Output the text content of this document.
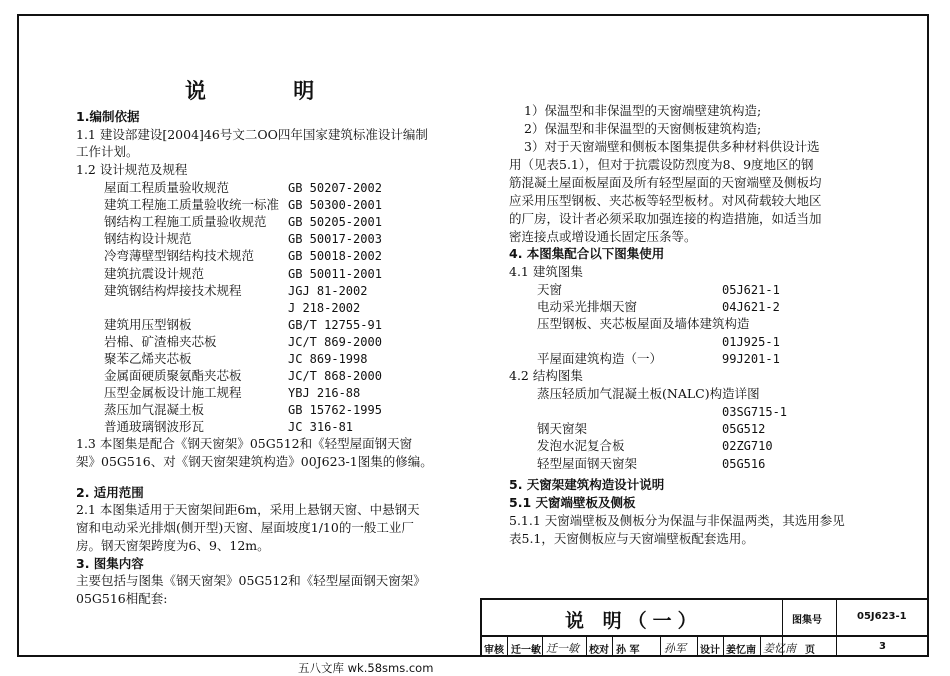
说 明
1.编制依据
1.1 建设部建设[2004]46号文二OO四年国家建筑标准设计编制
工作计划。
1.2 设计规范及规程
屋面工程质量验收规范	GB 50207-2002
建筑工程施工质量验收统一标准 GB 50300-2001
钢结构工程施工质量验收规范 GB 50205-2001
钢结构设计规范	GB 50017-2003
冷弯薄壁型钢结构技术规范	GB 50018-2002
建筑抗震设计规范	GB 50011-2001
建筑钢结构焊接技术规程	JGJ 81-2002
J 218-2002
建筑用压型钢板	GB/T 12755-91
岩棉、矿渣棉夹芯板	JC/T 869-2000
聚苯乙烯夹芯板	JC 869-1998
金属面硬质聚氨酯夹芯板	JC/T 868-2000
压型金属板设计施工规程	YBJ 216-88
蒸压加气混凝土板	GB 15762-1995
普通玻璃钢波形瓦	JC 316-81
1.3 本图集是配合《钢天窗架》05G512和《轻型屋面钢天窗
架》05G516、对《钢天窗架建筑构造》00J623-1图集的修编。
2. 适用范围
2.1 本图集适用于天窗架间距6m，采用上悬钢天窗、中悬钢天
窗和电动采光排烟(侧开型)天窗、屋面坡度1/10的一般工业厂
房。钢天窗架跨度为6、9、12m。
3. 图集内容
主要包括与图集《钢天窗架》05G512和《轻型屋面钢天窗架》
05G516相配套:
1）保温型和非保温型的天窗端壁建筑构造;
2）保温型和非保温型的天窗侧板建筑构造;
3）对于天窗端壁和侧板本图集提供多种材料供设计选
用（见表5.1），但对于抗震设防烈度为8、9度地区的钢
筋混凝土屋面板屋面及所有轻型屋面的天窗端壁及侧板均
应采用压型钢板、夹芯板等轻型板材。对风荷载较大地区
的厂房，设计者必须采取加强连接的构造措施，如适当加
密连接点或增设通长固定压条等。
4. 本图集配合以下图集使用
4.1 建筑图集
天窗	05J621-1
电动采光排烟天窗	04J621-2
压型钢板、夹芯板屋面及墙体建筑构造
01J925-1
平屋面建筑构造（一）	99J201-1
4.2 结构图集
蒸压轻质加气混凝土板(NALC)构造详图
03SG715-1
钢天窗架	05G512
发泡水泥复合板	02ZG710
轻型屋面钢天窗架	05G516
5. 天窗架建筑构造设计说明
5.1 天窗端壁板及侧板
5.1.1 天窗端壁板及侧板分为保温与非保温两类，其选用参见
表5.1，天窗侧板应与天窗端壁板配套选用。
说 明（一）	图集号	05J623-1
审核 迁一敏 迁一敏 校对 孙 军 孙军 设计 姜忆南 姜忆南 页	3
五八文库 wk.58sms.com
